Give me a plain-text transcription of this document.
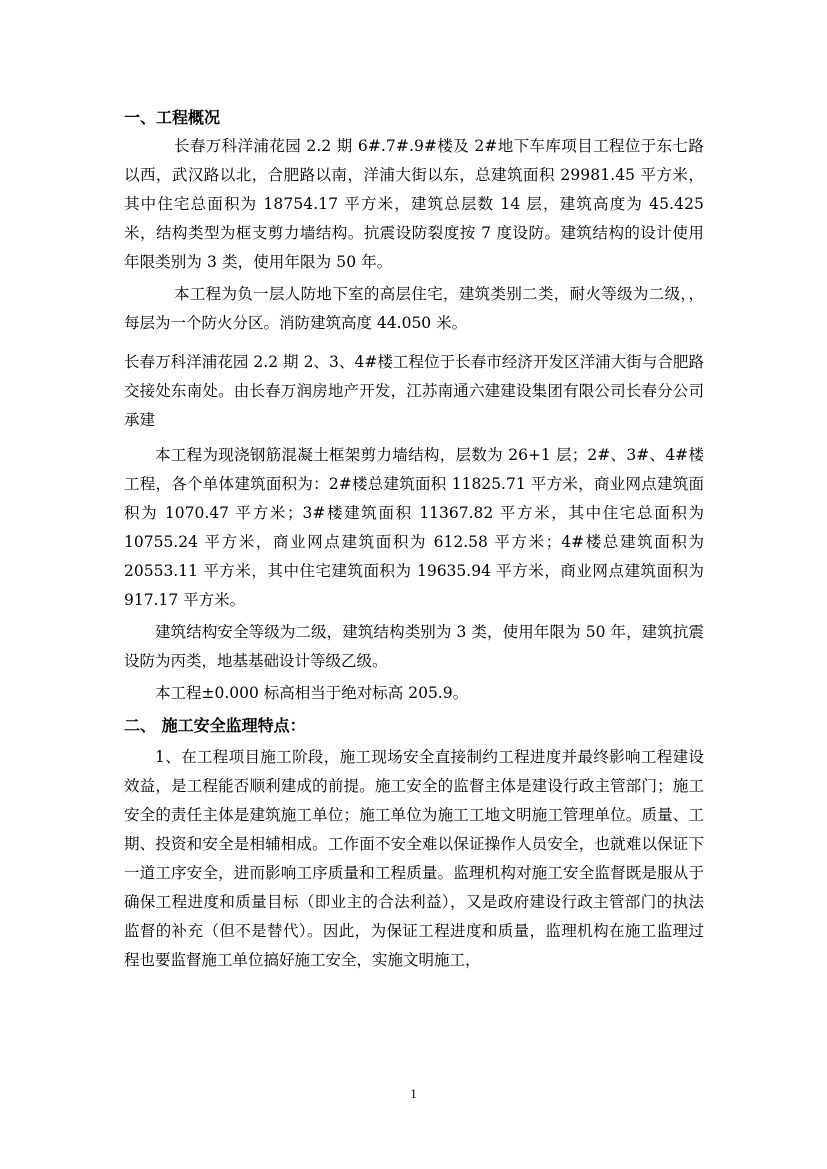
一、工程概况

长春万科洋浦花园 2.2 期 6#.7#.9#楼及 2#地下车库项目工程位于东七路以西，武汉路以北，合肥路以南，洋浦大街以东，总建筑面积 29981.45 平方米，其中住宅总面积为 18754.17 平方米，建筑总层数 14 层，建筑高度为 45.425 米，结构类型为框支剪力墙结构。抗震设防裂度按 7 度设防。建筑结构的设计使用年限类别为 3 类，使用年限为 50 年。

本工程为负一层人防地下室的高层住宅，建筑类别二类，耐火等级为二级，，每层为一个防火分区。消防建筑高度 44.050 米。

长春万科洋浦花园 2.2 期 2、3、4#楼工程位于长春市经济开发区洋浦大街与合肥路交接处东南处。由长春万润房地产开发，江苏南通六建建设集团有限公司长春分公司承建

本工程为现浇钢筋混凝土框架剪力墙结构，层数为 26+1 层；2#、3#、4#楼工程，各个单体建筑面积为：2#楼总建筑面积 11825.71 平方米，商业网点建筑面积为 1070.47 平方米；3#楼建筑面积 11367.82 平方米，其中住宅总面积为 10755.24 平方米，商业网点建筑面积为 612.58 平方米；4#楼总建筑面积为 20553.11 平方米，其中住宅建筑面积为 19635.94 平方米，商业网点建筑面积为 917.17 平方米。

建筑结构安全等级为二级，建筑结构类别为 3 类，使用年限为 50 年，建筑抗震设防为丙类，地基基础设计等级乙级。

本工程±0.000 标高相当于绝对标高 205.9。

二、 施工安全监理特点：

1、在工程项目施工阶段，施工现场安全直接制约工程进度并最终影响工程建设效益，是工程能否顺利建成的前提。施工安全的监督主体是建设行政主管部门；施工安全的责任主体是建筑施工单位；施工单位为施工工地文明施工管理单位。质量、工期、投资和安全是相辅相成。工作面不安全难以保证操作人员安全，也就难以保证下一道工序安全，进而影响工序质量和工程质量。监理机构对施工安全监督既是服从于确保工程进度和质量目标（即业主的合法利益），又是政府建设行政主管部门的执法监督的补充（但不是替代）。因此，为保证工程进度和质量，监理机构在施工监理过程也要监督施工单位搞好施工安全，实施文明施工，

1
